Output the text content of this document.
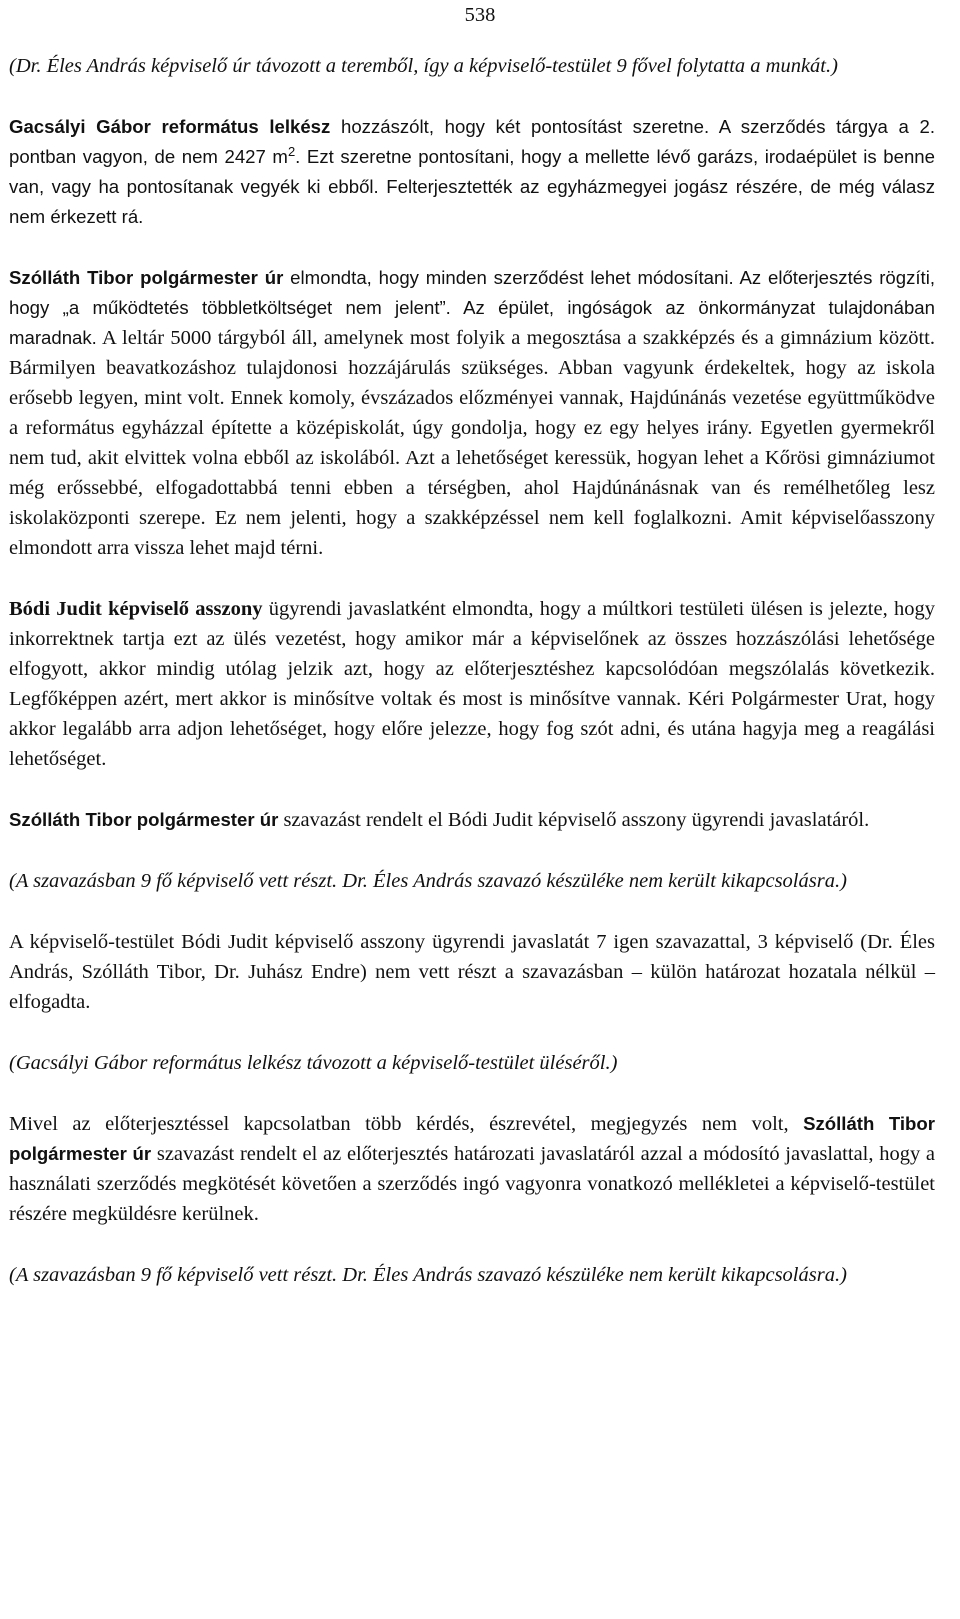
538

(Dr. Éles András képviselő úr távozott a teremből, így a képviselő-testület 9 fővel folytatta a munkát.)

Gacsályi Gábor református lelkész hozzászólt, hogy két pontosítást szeretne. A szerződés tárgya a 2. pontban vagyon, de nem 2427 $m^2$. Ezt szeretne pontosítani, hogy a mellette lévő garázs, irodaépület is benne van, vagy ha pontosítanak vegyék ki ebből. Felterjesztették az egyházmegyei jogász részére, de még válasz nem érkezett rá.

Szólláth Tibor polgármester úr elmondta, hogy minden szerződést lehet módosítani. Az előterjesztés rögzíti, hogy „a működtetés többletköltséget nem jelent”. Az épület, ingóságok az önkormányzat tulajdonában maradnak. A leltár 5000 tárgyból áll, amelynek most folyik a megosztása a szakképzés és a gimnázium között. Bármilyen beavatkozáshoz tulajdonosi hozzájárulás szükséges. Abban vagyunk érdekeltek, hogy az iskola erősebb legyen, mint volt. Ennek komoly, évszázados előzményei vannak, Hajdúnánás vezetése együttműködve a református egyházzal építette a középiskolát, úgy gondolja, hogy ez egy helyes irány. Egyetlen gyermekről nem tud, akit elvittek volna ebből az iskolából. Azt a lehetőséget keressük, hogyan lehet a Kőrösi gimnáziumot még erőssebbé, elfogadottabbá tenni ebben a térségben, ahol Hajdúnánásnak van és remélhetőleg lesz iskolaközponti szerepe. Ez nem jelenti, hogy a szakképzéssel nem kell foglalkozni. Amit képviselőasszony elmondott arra vissza lehet majd térni.

Bódi Judit képviselő asszony ügyrendi javaslatként elmondta, hogy a múltkori testületi ülésen is jelezte, hogy inkorrektnek tartja ezt az ülés vezetést, hogy amikor már a képviselőnek az összes hozzászólási lehetősége elfogyott, akkor mindig utólag jelzik azt, hogy az előterjesztéshez kapcsolódóan megszólalás következik. Legfőképpen azért, mert akkor is minősítve voltak és most is minősítve vannak. Kéri Polgármester Urat, hogy akkor legalább arra adjon lehetőséget, hogy előre jelezze, hogy fog szót adni, és utána hagyja meg a reagálási lehetőséget.

Szólláth Tibor polgármester úr szavazást rendelt el Bódi Judit képviselő asszony ügyrendi javaslatáról.

(A szavazásban 9 fő képviselő vett részt. Dr. Éles András szavazó készüléke nem került kikapcsolásra.)

A képviselő-testület Bódi Judit képviselő asszony ügyrendi javaslatát 7 igen szavazattal, 3 képviselő (Dr. Éles András, Szólláth Tibor, Dr. Juhász Endre) nem vett részt a szavazásban – külön határozat hozatala nélkül – elfogadta.

(Gacsályi Gábor református lelkész távozott a képviselő-testület üléséről.)

Mivel az előterjesztéssel kapcsolatban több kérdés, észrevétel, megjegyzés nem volt, Szólláth Tibor polgármester úr szavazást rendelt el az előterjesztés határozati javaslatáról azzal a módosító javaslattal, hogy a használati szerződés megkötését követően a szerződés ingó vagyonra vonatkozó mellékletei a képviselő-testület részére megküldésre kerülnek.

(A szavazásban 9 fő képviselő vett részt. Dr. Éles András szavazó készüléke nem került kikapcsolásra.)
